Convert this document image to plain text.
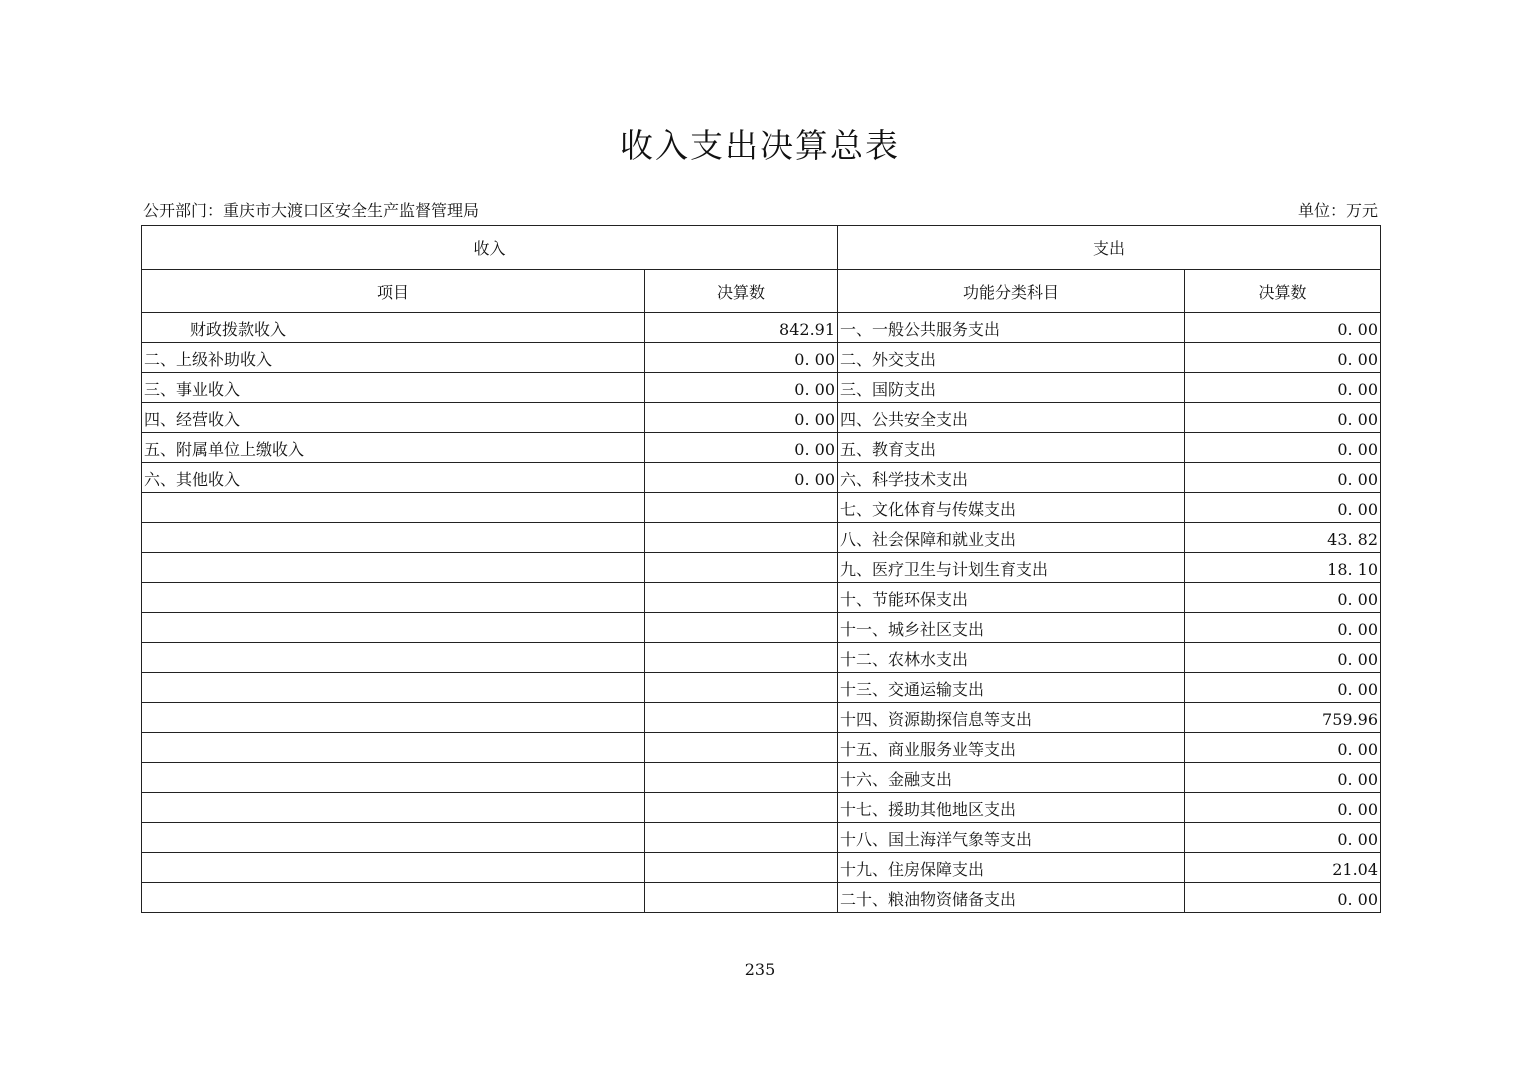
收入支出决算总表
公开部门：重庆市大渡口区安全生产监督管理局	单位：万元
收入		支出	
项目	决算数	功能分类科目	决算数
财政拨款收入	842.91	一、一般公共服务支出	0. 00
二、上级补助收入	0. 00	二、外交支出	0. 00
三、事业收入	0. 00	三、国防支出	0. 00
四、经营收入	0. 00	四、公共安全支出	0. 00
五、附属单位上缴收入	0. 00	五、教育支出	0. 00
六、其他收入	0. 00	六、科学技术支出	0. 00
		七、文化体育与传媒支出	0. 00
		八、社会保障和就业支出	43. 82
		九、医疗卫生与计划生育支出	18. 10
		十、节能环保支出	0. 00
		十一、城乡社区支出	0. 00
		十二、农林水支出	0. 00
		十三、交通运输支出	0. 00
		十四、资源勘探信息等支出	759.96
		十五、商业服务业等支出	0. 00
		十六、金融支出	0. 00
		十七、援助其他地区支出	0. 00
		十八、国土海洋气象等支出	0. 00
		十九、住房保障支出	21.04
		二十、粮油物资储备支出	0. 00
235
